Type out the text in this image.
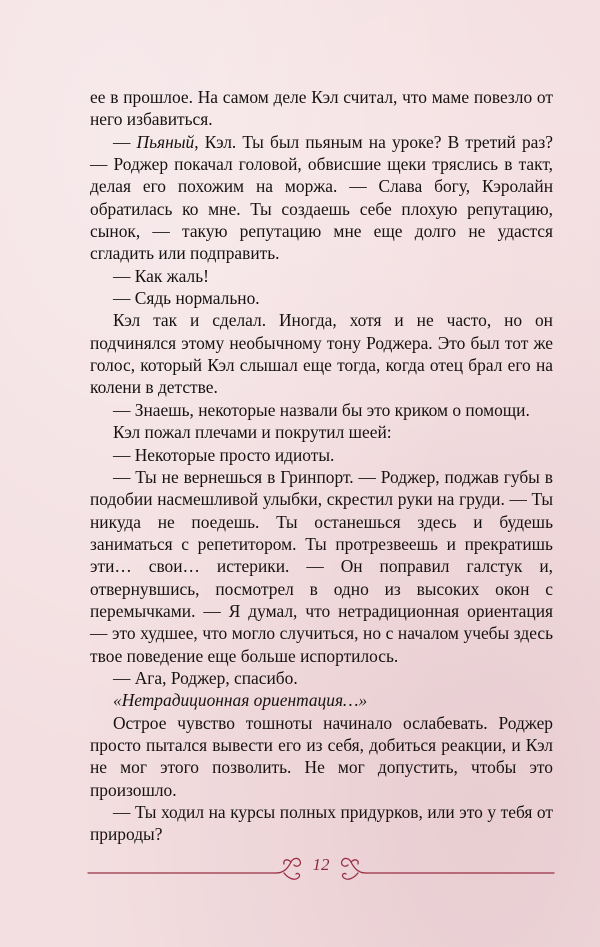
ее в прошлое. На самом деле Кэл считал, что маме повезло от него избавиться.

— Пьяный, Кэл. Ты был пьяным на уроке? В третий раз? — Роджер покачал головой, обвисшие щеки тряслись в такт, делая его похожим на моржа. — Слава богу, Кэролайн обратилась ко мне. Ты создаешь себе плохую репутацию, сынок, — такую репутацию мне еще долго не удастся сгладить или подправить.

— Как жаль!

— Сядь нормально.

Кэл так и сделал. Иногда, хотя и не часто, но он подчинялся этому необычному тону Роджера. Это был тот же голос, который Кэл слышал еще тогда, когда отец брал его на колени в детстве.

— Знаешь, некоторые назвали бы это криком о помощи.

Кэл пожал плечами и покрутил шеей:

— Некоторые просто идиоты.

— Ты не вернешься в Гринпорт. — Роджер, поджав губы в подобии насмешливой улыбки, скрестил руки на груди. — Ты никуда не поедешь. Ты останешься здесь и будешь заниматься с репетитором. Ты протрезвеешь и прекратишь эти… свои… истерики. — Он поправил галстук и, отвернувшись, посмотрел в одно из высоких окон с перемычками. — Я думал, что нетрадиционная ориентация — это худшее, что могло случиться, но с началом учебы здесь твое поведение еще больше испортилось.

— Ага, Роджер, спасибо.

«Нетрадиционная ориентация…»

Острое чувство тошноты начинало ослабевать. Роджер просто пытался вывести его из себя, добиться реакции, и Кэл не мог этого позволить. Не мог допустить, чтобы это произошло.

— Ты ходил на курсы полных придурков, или это у тебя от природы?

12
